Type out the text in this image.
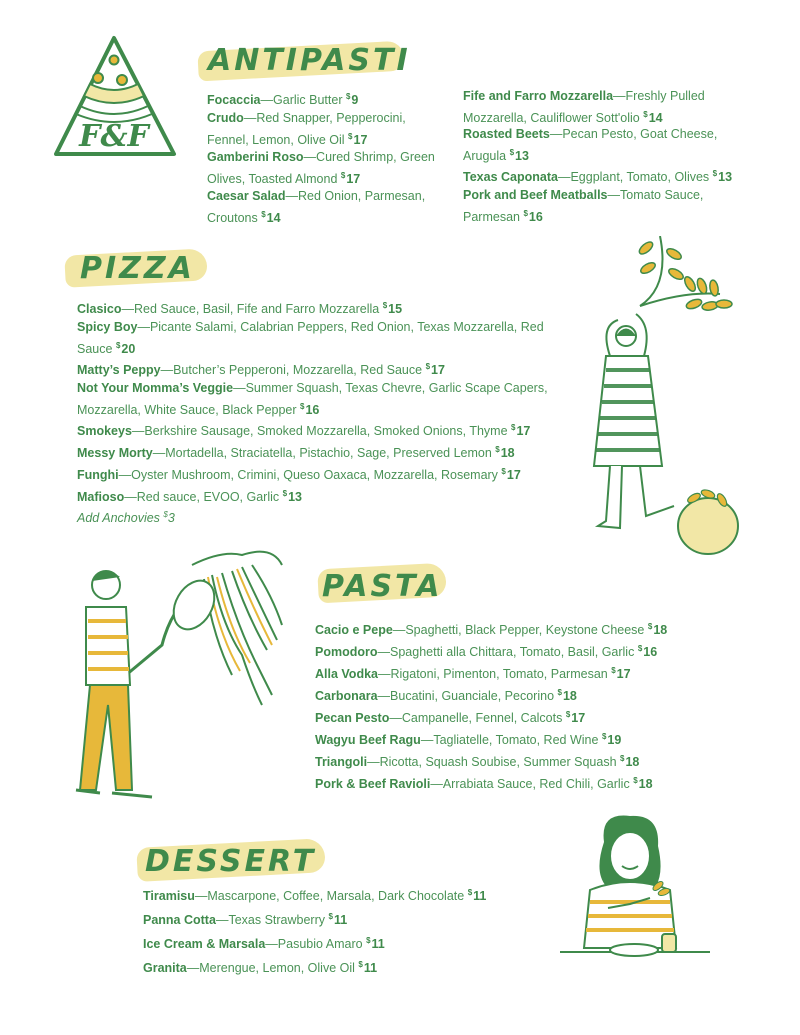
F&F
ANTIPASTI
Focaccia—Garlic Butter $9
Crudo—Red Snapper, Pepperocini, Fennel, Lemon, Olive Oil $17
Gamberini Roso—Cured Shrimp, Green Olives, Toasted Almond $17
Caesar Salad—Red Onion, Parmesan, Croutons $14
Fife and Farro Mozzarella—Freshly Pulled Mozzarella, Cauliflower Sott'olio $14
Roasted Beets—Pecan Pesto, Goat Cheese, Arugula $13
Texas Caponata—Eggplant, Tomato, Olives $13
Pork and Beef Meatballs—Tomato Sauce, Parmesan $16
PIZZA
Clasico—Red Sauce, Basil, Fife and Farro Mozzarella $15
Spicy Boy—Picante Salami, Calabrian Peppers, Red Onion, Texas Mozzarella, Red Sauce $20
Matty’s Peppy—Butcher’s Pepperoni, Mozzarella, Red Sauce $17
Not Your Momma’s Veggie—Summer Squash, Texas Chevre, Garlic Scape Capers, Mozzarella, White Sauce, Black Pepper $16
Smokeys—Berkshire Sausage, Smoked Mozzarella, Smoked Onions, Thyme $17
Messy Morty—Mortadella, Straciatella, Pistachio, Sage, Preserved Lemon $18
Funghi—Oyster Mushroom, Crimini, Queso Oaxaca, Mozzarella, Rosemary $17
Mafioso—Red sauce, EVOO, Garlic $13
Add Anchovies $3
PASTA
Cacio e Pepe—Spaghetti, Black Pepper, Keystone Cheese $18
Pomodoro—Spaghetti alla Chittara, Tomato, Basil, Garlic $16
Alla Vodka—Rigatoni, Pimenton, Tomato, Parmesan $17
Carbonara—Bucatini, Guanciale, Pecorino $18
Pecan Pesto—Campanelle, Fennel, Calcots $17
Wagyu Beef Ragu—Tagliatelle, Tomato, Red Wine $19
Triangoli—Ricotta, Squash Soubise, Summer Squash $18
Pork & Beef Ravioli—Arrabiata Sauce, Red Chili, Garlic $18
DESSERT
Tiramisu—Mascarpone, Coffee, Marsala, Dark Chocolate $11
Panna Cotta—Texas Strawberry $11
Ice Cream & Marsala—Pasubio Amaro $11
Granita—Merengue, Lemon, Olive Oil $11
